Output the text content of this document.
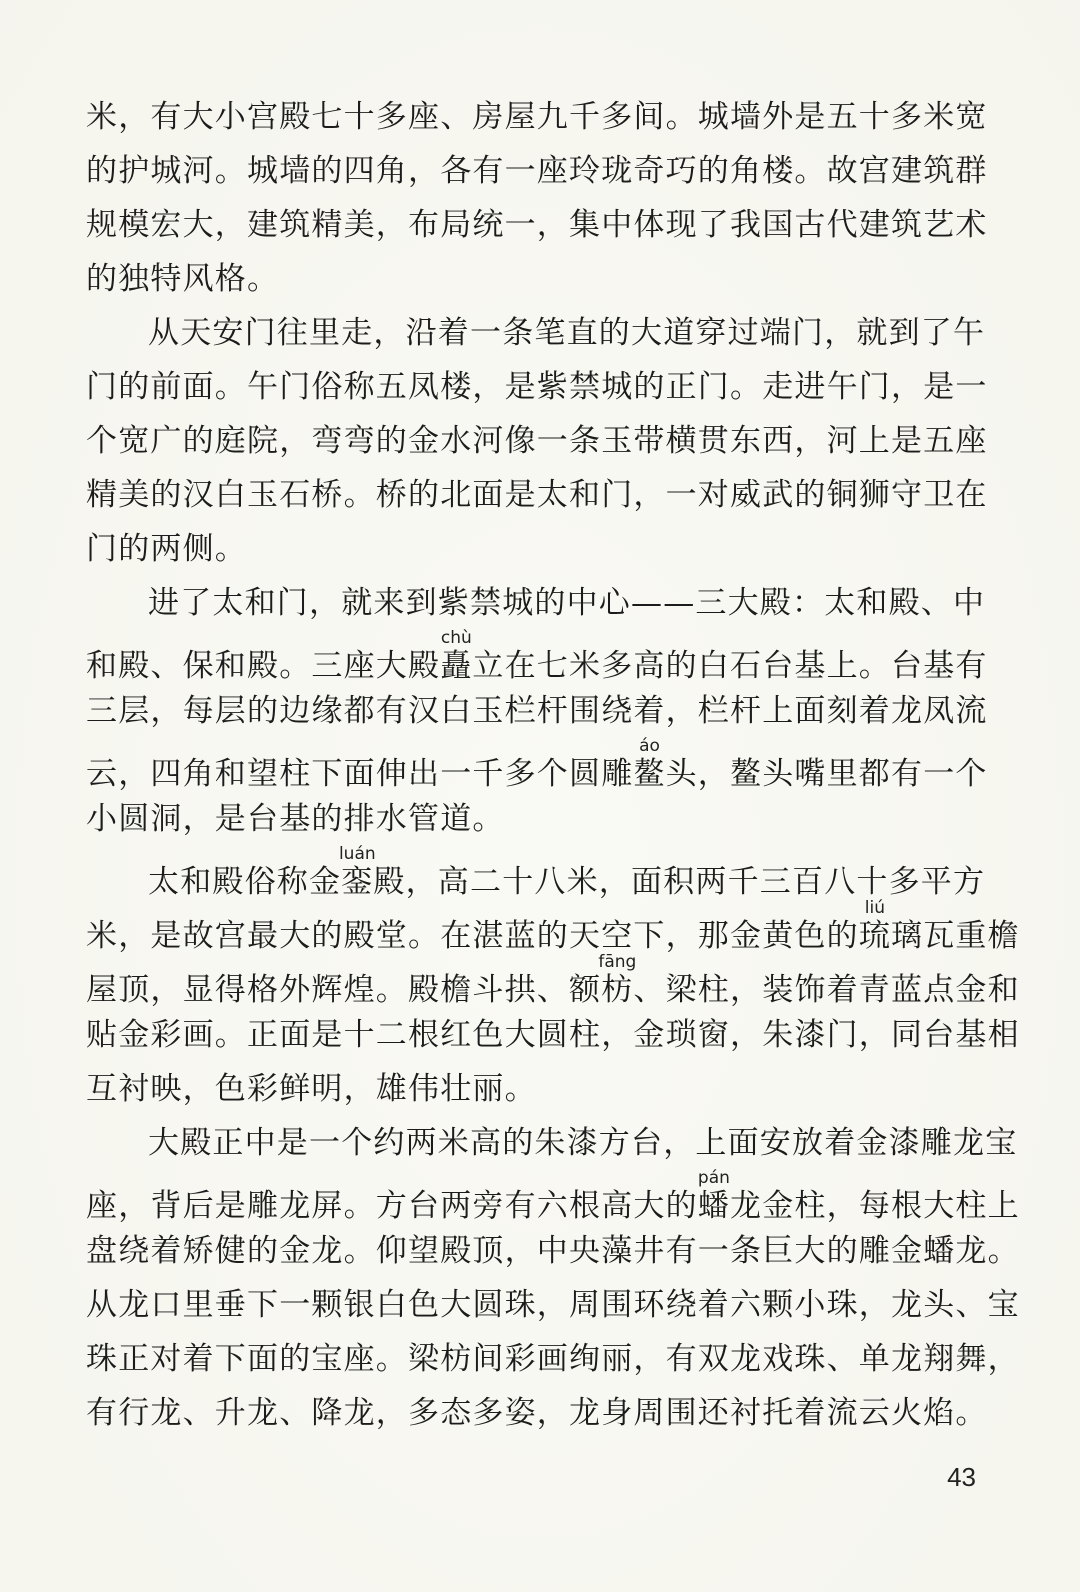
米，有大小宫殿七十多座、房屋九千多间。城墙外是五十多米宽
的护城河。城墙的四角，各有一座玲珑奇巧的角楼。故宫建筑群
规模宏大，建筑精美，布局统一，集中体现了我国古代建筑艺术
的独特风格。
从天安门往里走，沿着一条笔直的大道穿过端门，就到了午
门的前面。午门俗称五凤楼，是紫禁城的正门。走进午门，是一
个宽广的庭院，弯弯的金水河像一条玉带横贯东西，河上是五座
精美的汉白玉石桥。桥的北面是太和门，一对威武的铜狮守卫在
门的两侧。
进了太和门，就来到紫禁城的中心——三大殿：太和殿、中
和殿、保和殿。三座大殿矗chù立在七米多高的白石台基上。台基有
三层，每层的边缘都有汉白玉栏杆围绕着，栏杆上面刻着龙凤流
云，四角和望柱下面伸出一千多个圆雕鳌áo头，鳌头嘴里都有一个
小圆洞，是台基的排水管道。
太和殿俗称金銮luán殿，高二十八米，面积两千三百八十多平方
米，是故宫最大的殿堂。在湛蓝的天空下，那金黄色的琉liú璃瓦重檐
屋顶，显得格外辉煌。殿檐斗拱、额枋fāng、梁柱，装饰着青蓝点金和
贴金彩画。正面是十二根红色大圆柱，金琐窗，朱漆门，同台基相
互衬映，色彩鲜明，雄伟壮丽。
大殿正中是一个约两米高的朱漆方台，上面安放着金漆雕龙宝
座，背后是雕龙屏。方台两旁有六根高大的蟠pán龙金柱，每根大柱上
盘绕着矫健的金龙。仰望殿顶，中央藻井有一条巨大的雕金蟠龙。
从龙口里垂下一颗银白色大圆珠，周围环绕着六颗小珠，龙头、宝
珠正对着下面的宝座。梁枋间彩画绚丽，有双龙戏珠、单龙翔舞，
有行龙、升龙、降龙，多态多姿，龙身周围还衬托着流云火焰。
43
